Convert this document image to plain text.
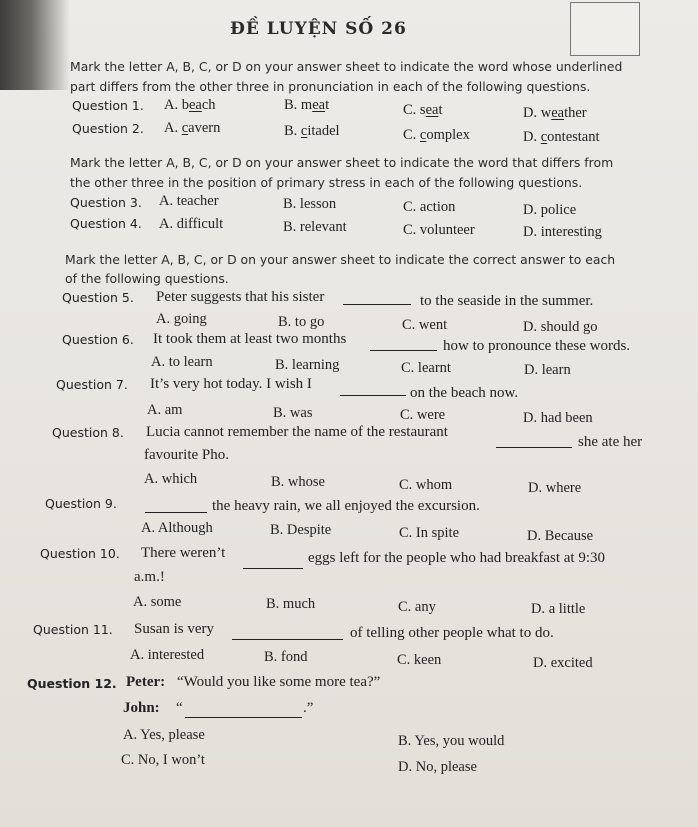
ĐỀ LUYỆN SỐ 26
Mark the letter A, B, C, or D on your answer sheet to indicate the word whose underlined
part differs from the other three in pronunciation in each of the following questions.
Question 1. A. beach	B. meat	C. seat	D. weather
Question 2. A. cavern	B. citadel	C. complex	D. contestant
Mark the letter A, B, C, or D on your answer sheet to indicate the word that differs from
the other three in the position of primary stress in each of the following questions.
Question 3. A. teacher	B. lesson	C. action	D. police
Question 4. A. difficult	B. relevant	C. volunteer	D. interesting
Mark the letter A, B, C, or D on your answer sheet to indicate the correct answer to each
of the following questions.
Question 5. Peter suggests that his sister	to the seaside in the summer.
A. going	B. to go	C. went	D. should go
Question 6. It took them at least two months	how to pronounce these words.
A. to learn	B. learning	C. learnt	D. learn
Question 7. It’s very hot today. I wish I
on the beach now.
A. am	B. was	C. were	D. had been
Question 8. Lucia cannot remember the name of the restaurant
she ate her
favourite Pho.
A. which	B. whose	C. whom	D. where
Question 9.	the heavy rain, we all enjoyed the excursion.
A. Although	B. Despite	C. In spite	D. Because
Question 10. There weren’t	eggs left for the people who had breakfast at 9:30
a.m.!
A. some	B. much	C. any	D. a little
Question 11. Susan is very	of telling other people what to do.
A. interested	B. fond	C. keen	D. excited
Question 12. Peter: “Would you like some more tea?”
John: “	.”
A. Yes, please	B. Yes, you would
C. No, I won’t	D. No, please
